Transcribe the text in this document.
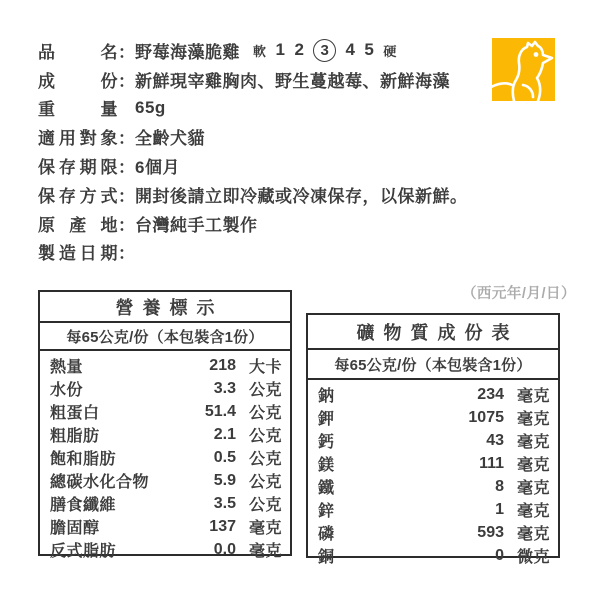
品名 ： 野莓海藻脆雞 軟 1 2	3 4 5 硬
成份 ： 新鮮現宰雞胸肉、野生蔓越莓、新鮮海藻
重量 65g
適用對象 ： 全齡犬貓
保存期限 ： 6個月
保存方式 ： 開封後請立即冷藏或冷凍保存，以保新鮮。
原產地 ： 台灣純手工製作
製造日期 ：
（西元年/月/日）
營養標示
每65公克/份（本包裝含1份）
熱量	218 大卡
水份	3.3 公克
粗蛋白	51.4 公克
粗脂肪	2.1 公克
飽和脂肪	0.5 公克
總碳水化合物	5.9 公克
膳食纖維	3.5 公克
膽固醇	137 毫克
反式脂肪	0.0 毫克
礦物質成份表
每65公克/份（本包裝含1份）
鈉	234 毫克
鉀	1075 毫克
鈣	43 毫克
鎂	111 毫克
鐵	8 毫克
鋅	1 毫克
磷	593 毫克
銅	0 微克
